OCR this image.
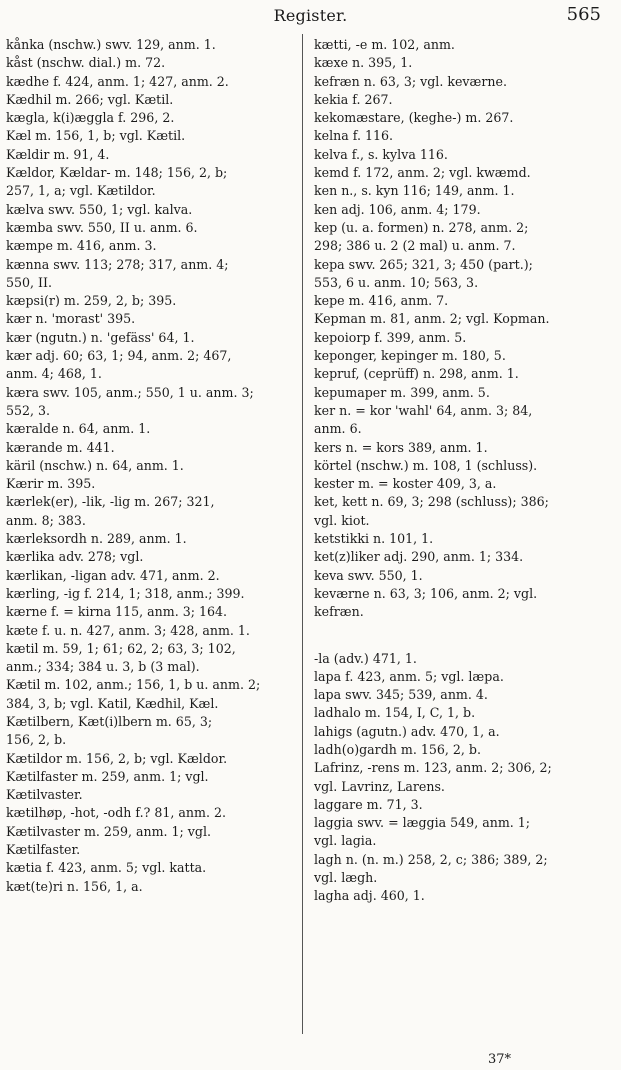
Register.	565
kånka (nschw.) swv. 129, anm. 1.
kåst (nschw. dial.) m. 72.
kædhe f. 424, anm. 1; 427, anm. 2.
Kædhil m. 266; vgl. Kætil.
kægla, k(i)æggla f. 296, 2.
Kæl m. 156, 1, b; vgl. Kætil.
Kældir m. 91, 4.
Kældor, Kældar- m. 148; 156, 2, b;
257, 1, a; vgl. Kætildor.
kælva swv. 550, 1; vgl. kalva.
kæmba swv. 550, II u. anm. 6.
kæmpe m. 416, anm. 3.
kænna swv. 113; 278; 317, anm. 4;
550, II.
kæpsi(r) m. 259, 2, b; 395.
kær n. 'morast' 395.
kær (ngutn.) n. 'gefäss' 64, 1.
kær adj. 60; 63, 1; 94, anm. 2; 467,
anm. 4; 468, 1.
kæra swv. 105, anm.; 550, 1 u. anm. 3;
552, 3.
kæralde n. 64, anm. 1.
kærande m. 441.
käril (nschw.) n. 64, anm. 1.
Kærir m. 395.
kærlek(er), -lik, -lig m. 267; 321,
anm. 8; 383.
kærleksordh n. 289, anm. 1.
kærlika adv. 278; vgl.
kærlikan, -ligan adv. 471, anm. 2.
kærling, -ig f. 214, 1; 318, anm.; 399.
kærne f. = kirna 115, anm. 3; 164.
kæte f. u. n. 427, anm. 3; 428, anm. 1.
kætil m. 59, 1; 61; 62, 2; 63, 3; 102,
anm.; 334; 384 u. 3, b (3 mal).
Kætil m. 102, anm.; 156, 1, b u. anm. 2;
384, 3, b; vgl. Katil, Kædhil, Kæl.
Kætilbern, Kæt(i)lbern m. 65, 3;
156, 2, b.
Kætildor m. 156, 2, b; vgl. Kældor.
Kætilfaster m. 259, anm. 1; vgl.
Kætilvaster.
kætilhøp, -hot, -odh f.? 81, anm. 2.
Kætilvaster m. 259, anm. 1; vgl.
Kætilfaster.
kætia f. 423, anm. 5; vgl. katta.
kæt(te)ri n. 156, 1, a.
kætti, -e m. 102, anm.
kæxe n. 395, 1.
kefræn n. 63, 3; vgl. keværne.
kekia f. 267.
kekomæstare, (keghe-) m. 267.
kelna f. 116.
kelva f., s. kylva 116.
kemd f. 172, anm. 2; vgl. kwæmd.
ken n., s. kyn 116; 149, anm. 1.
ken adj. 106, anm. 4; 179.
kep (u. a. formen) n. 278, anm. 2;
298; 386 u. 2 (2 mal) u. anm. 7.
kepa swv. 265; 321, 3; 450 (part.);
553, 6 u. anm. 10; 563, 3.
kepe m. 416, anm. 7.
Kepman m. 81, anm. 2; vgl. Kopman.
kepoiorp f. 399, anm. 5.
keponger, kepinger m. 180, 5.
kepruf, (ceprüff) n. 298, anm. 1.
kepumaper m. 399, anm. 5.
ker n. = kor 'wahl' 64, anm. 3; 84,
anm. 6.
kers n. = kors 389, anm. 1.
körtel (nschw.) m. 108, 1 (schluss).
kester m. = koster 409, 3, a.
ket, kett n. 69, 3; 298 (schluss); 386;
vgl. kiot.
ketstikki n. 101, 1.
ket(z)liker adj. 290, anm. 1; 334.
keva swv. 550, 1.
keværne n. 63, 3; 106, anm. 2; vgl.
kefræn.
-la (adv.) 471, 1.
lapa f. 423, anm. 5; vgl. læpa.
lapa swv. 345; 539, anm. 4.
ladhalo m. 154, I, C, 1, b.
lahigs (agutn.) adv. 470, 1, a.
ladh(o)gardh m. 156, 2, b.
Lafrinz, -rens m. 123, anm. 2; 306, 2;
vgl. Lavrinz, Larens.
laggare m. 71, 3.
laggia swv. = læggia 549, anm. 1;
vgl. lagia.
lagh n. (n. m.) 258, 2, c; 386; 389, 2;
vgl. lægh.
lagha adj. 460, 1.
37*
